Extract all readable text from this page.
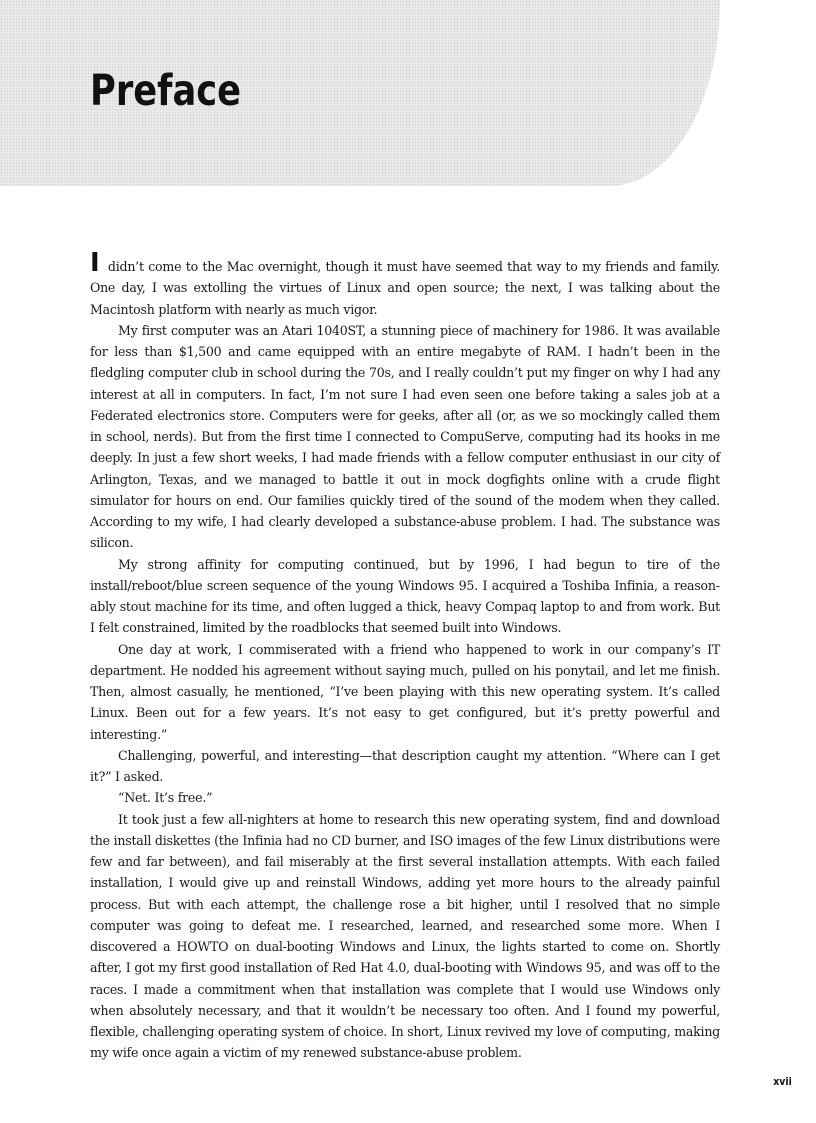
Preface

I didn’t come to the Mac overnight, though it must have seemed that way to my friends and family. One day, I was extolling the virtues of Linux and open source; the next, I was talking about the Macintosh platform with nearly as much vigor.

My first computer was an Atari 1040ST, a stunning piece of machinery for 1986. It was available for less than $1,500 and came equipped with an entire megabyte of RAM. I hadn’t been in the fledgling computer club in school during the 70s, and I really couldn’t put my finger on why I had any interest at all in computers. In fact, I’m not sure I had even seen one before taking a sales job at a Federated electronics store. Computers were for geeks, after all (or, as we so mockingly called them in school, nerds). But from the first time I connected to CompuServe, computing had its hooks in me deeply. In just a few short weeks, I had made friends with a fellow computer enthusiast in our city of Arlington, Texas, and we managed to battle it out in mock dogfights online with a crude flight simulator for hours on end. Our families quickly tired of the sound of the modem when they called. According to my wife, I had clearly developed a substance-abuse problem. I had. The substance was silicon.

My strong affinity for computing continued, but by 1996, I had begun to tire of the install/reboot/blue screen sequence of the young Windows 95. I acquired a Toshiba Infinia, a reasonably stout machine for its time, and often lugged a thick, heavy Compaq laptop to and from work. But I felt constrained, limited by the roadblocks that seemed built into Windows.

One day at work, I commiserated with a friend who happened to work in our company’s IT department. He nodded his agreement without saying much, pulled on his ponytail, and let me finish. Then, almost casually, he mentioned, “I’ve been playing with this new operating system. It’s called Linux. Been out for a few years. It’s not easy to get configured, but it’s pretty powerful and interesting.”

Challenging, powerful, and interesting—that description caught my attention. “Where can I get it?” I asked.

“Net. It’s free.”

It took just a few all-nighters at home to research this new operating system, find and download the install diskettes (the Infinia had no CD burner, and ISO images of the few Linux distributions were few and far between), and fail miserably at the first several installation attempts. With each failed installation, I would give up and reinstall Windows, adding yet more hours to the already painful process. But with each attempt, the challenge rose a bit higher, until I resolved that no simple computer was going to defeat me. I researched, learned, and researched some more. When I discovered a HOWTO on dual-booting Windows and Linux, the lights started to come on. Shortly after, I got my first good installation of Red Hat 4.0, dual-booting with Windows 95, and was off to the races. I made a commitment when that installation was complete that I would use Windows only when absolutely necessary, and that it wouldn’t be necessary too often. And I found my powerful, flexible, challenging operating system of choice. In short, Linux revived my love of computing, making my wife once again a victim of my renewed substance-abuse problem.

xvii
